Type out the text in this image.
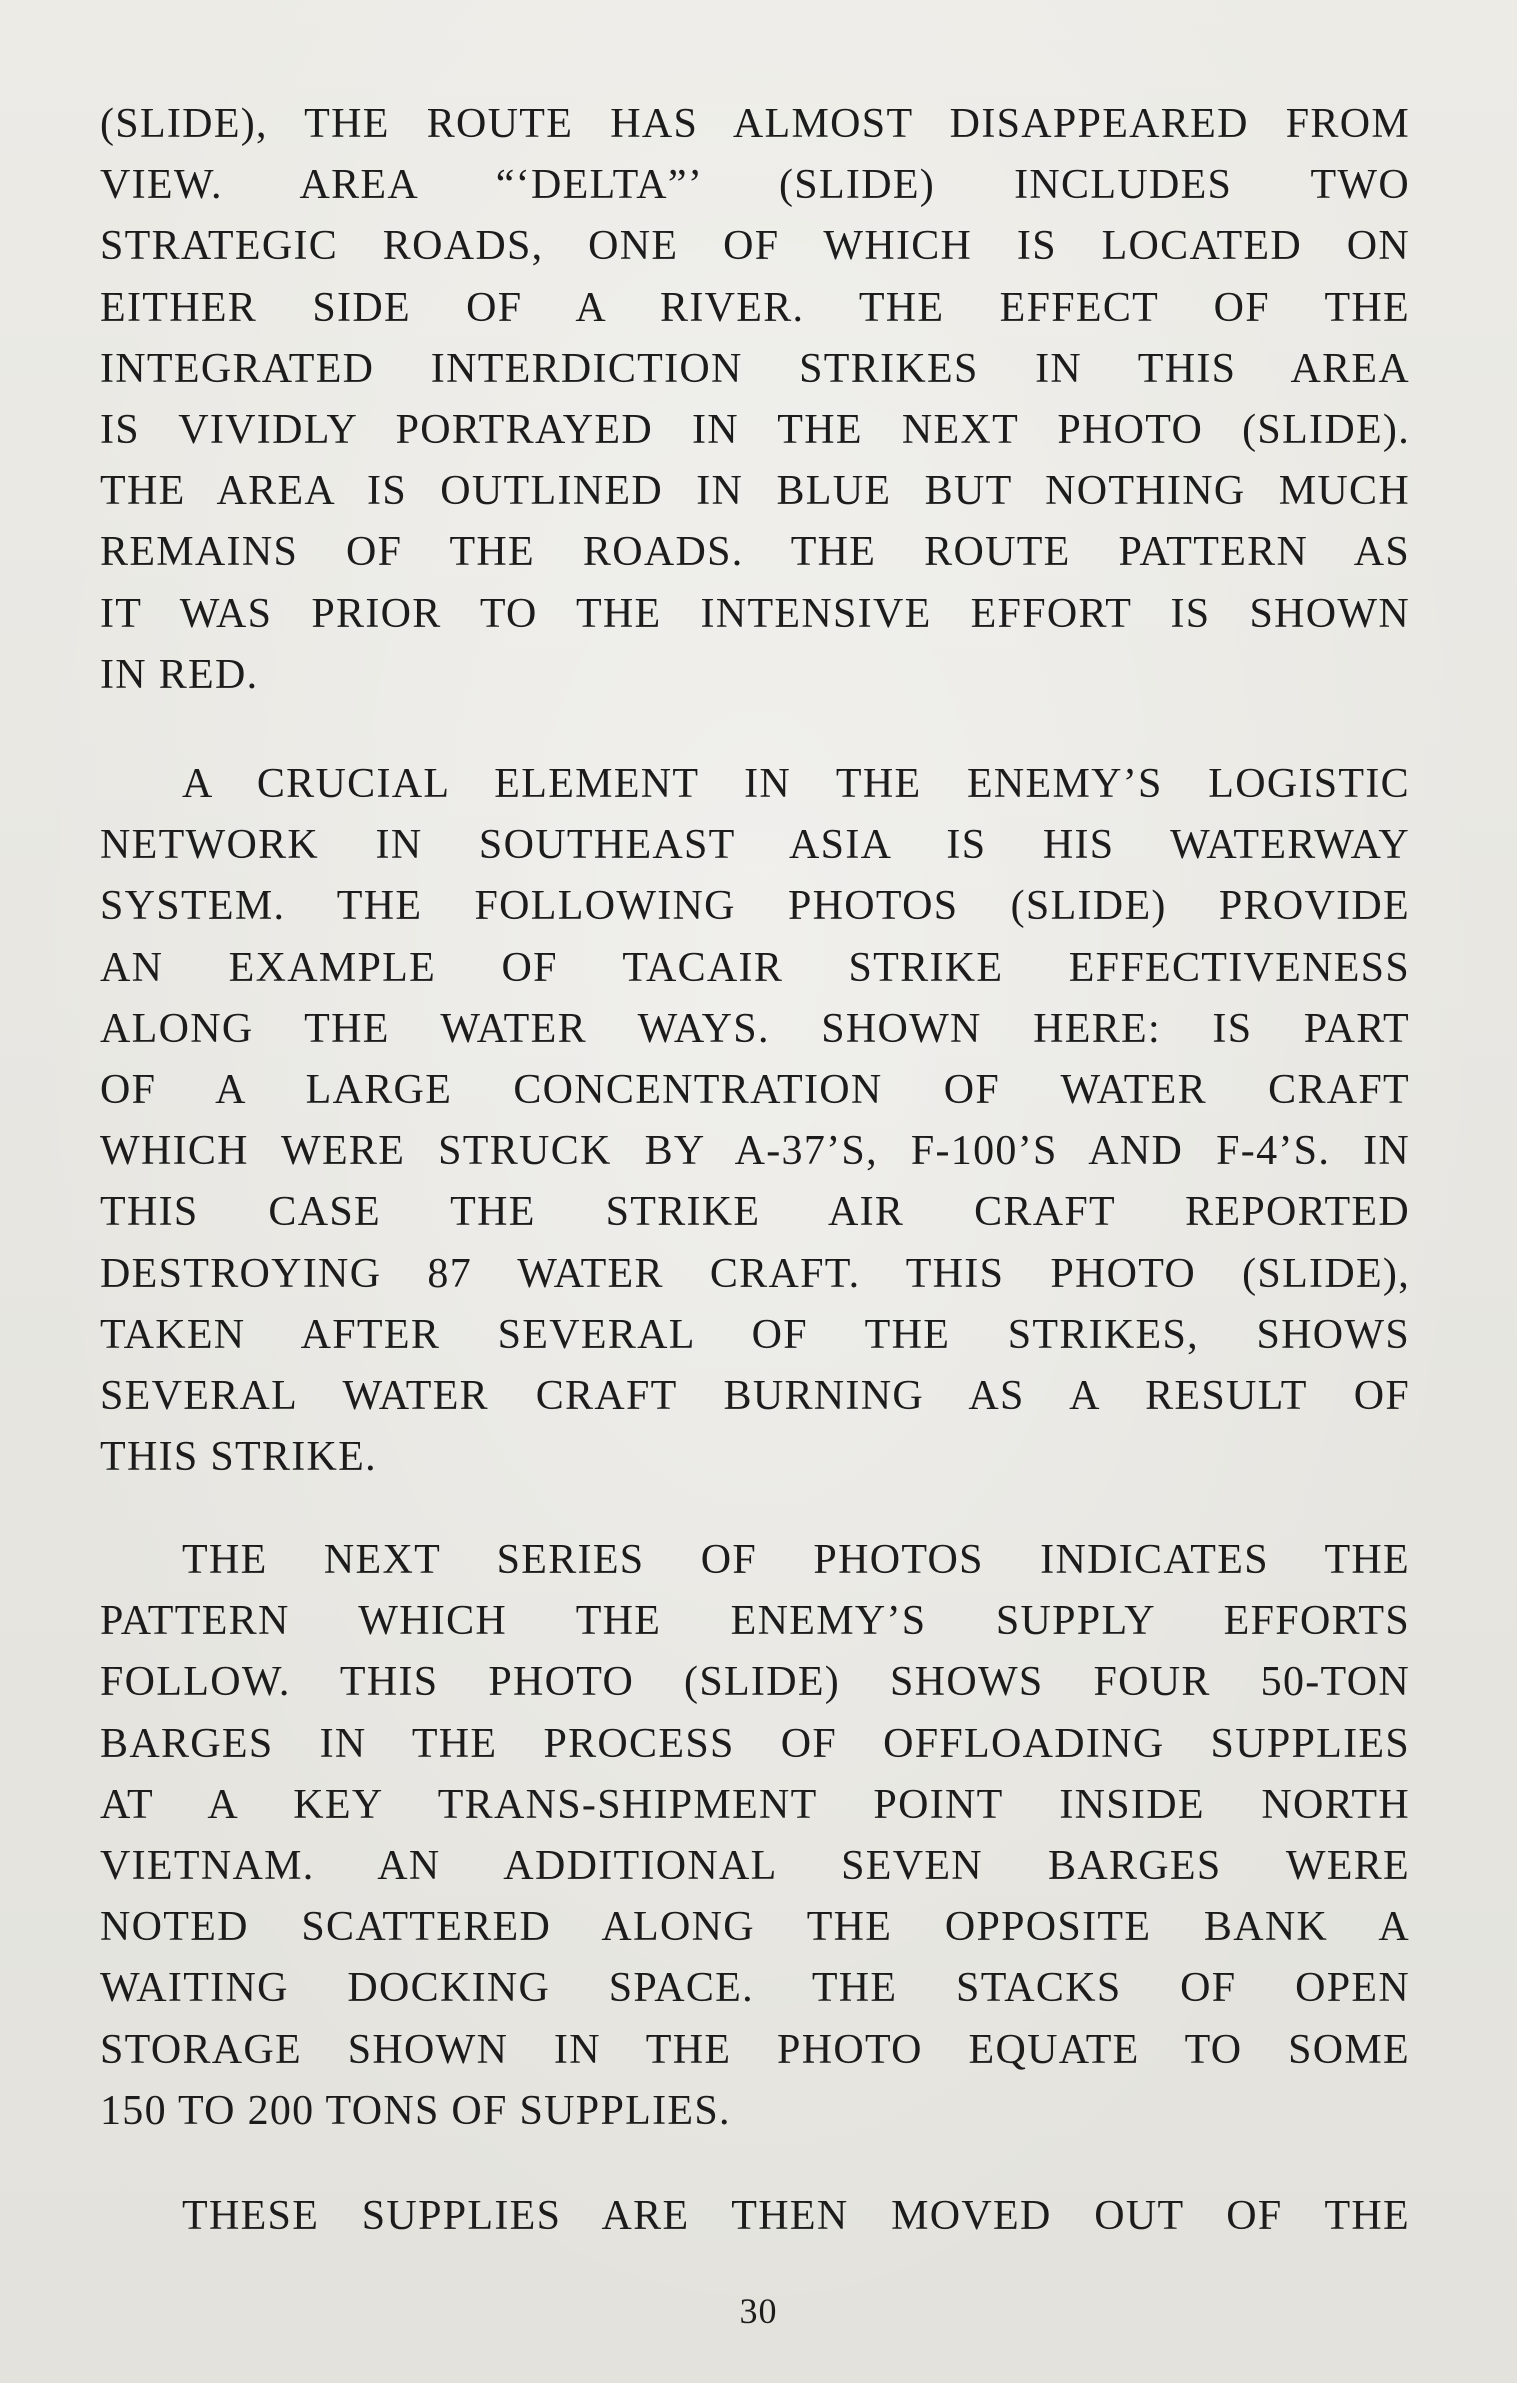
(SLIDE), THE ROUTE HAS ALMOST DISAPPEARED FROM
VIEW. AREA “‘DELTA”’ (SLIDE) INCLUDES TWO
STRATEGIC ROADS, ONE OF WHICH IS LOCATED ON
EITHER SIDE OF A RIVER. THE EFFECT OF THE
INTEGRATED INTERDICTION STRIKES IN THIS AREA
IS VIVIDLY PORTRAYED IN THE NEXT PHOTO (SLIDE).
THE AREA IS OUTLINED IN BLUE BUT NOTHING MUCH
REMAINS OF THE ROADS. THE ROUTE PATTERN AS
IT WAS PRIOR TO THE INTENSIVE EFFORT IS SHOWN
IN RED.
A CRUCIAL ELEMENT IN THE ENEMY’S LOGISTIC
NETWORK IN SOUTHEAST ASIA IS HIS WATERWAY
SYSTEM. THE FOLLOWING PHOTOS (SLIDE) PROVIDE
AN EXAMPLE OF TACAIR STRIKE EFFECTIVENESS
ALONG THE WATER WAYS. SHOWN HERE: IS PART
OF A LARGE CONCENTRATION OF WATER CRAFT
WHICH WERE STRUCK BY A-37’S, F-100’S AND F-4’S. IN
THIS CASE THE STRIKE AIR CRAFT REPORTED
DESTROYING 87 WATER CRAFT. THIS PHOTO (SLIDE),
TAKEN AFTER SEVERAL OF THE STRIKES, SHOWS
SEVERAL WATER CRAFT BURNING AS A RESULT OF
THIS STRIKE.
THE NEXT SERIES OF PHOTOS INDICATES THE
PATTERN WHICH THE ENEMY’S SUPPLY EFFORTS
FOLLOW. THIS PHOTO (SLIDE) SHOWS FOUR 50-TON
BARGES IN THE PROCESS OF OFFLOADING SUPPLIES
AT A KEY TRANS-SHIPMENT POINT INSIDE NORTH
VIETNAM. AN ADDITIONAL SEVEN BARGES WERE
NOTED SCATTERED ALONG THE OPPOSITE BANK A
WAITING DOCKING SPACE. THE STACKS OF OPEN
STORAGE SHOWN IN THE PHOTO EQUATE TO SOME
150 TO 200 TONS OF SUPPLIES.
THESE SUPPLIES ARE THEN MOVED OUT OF THE
30
